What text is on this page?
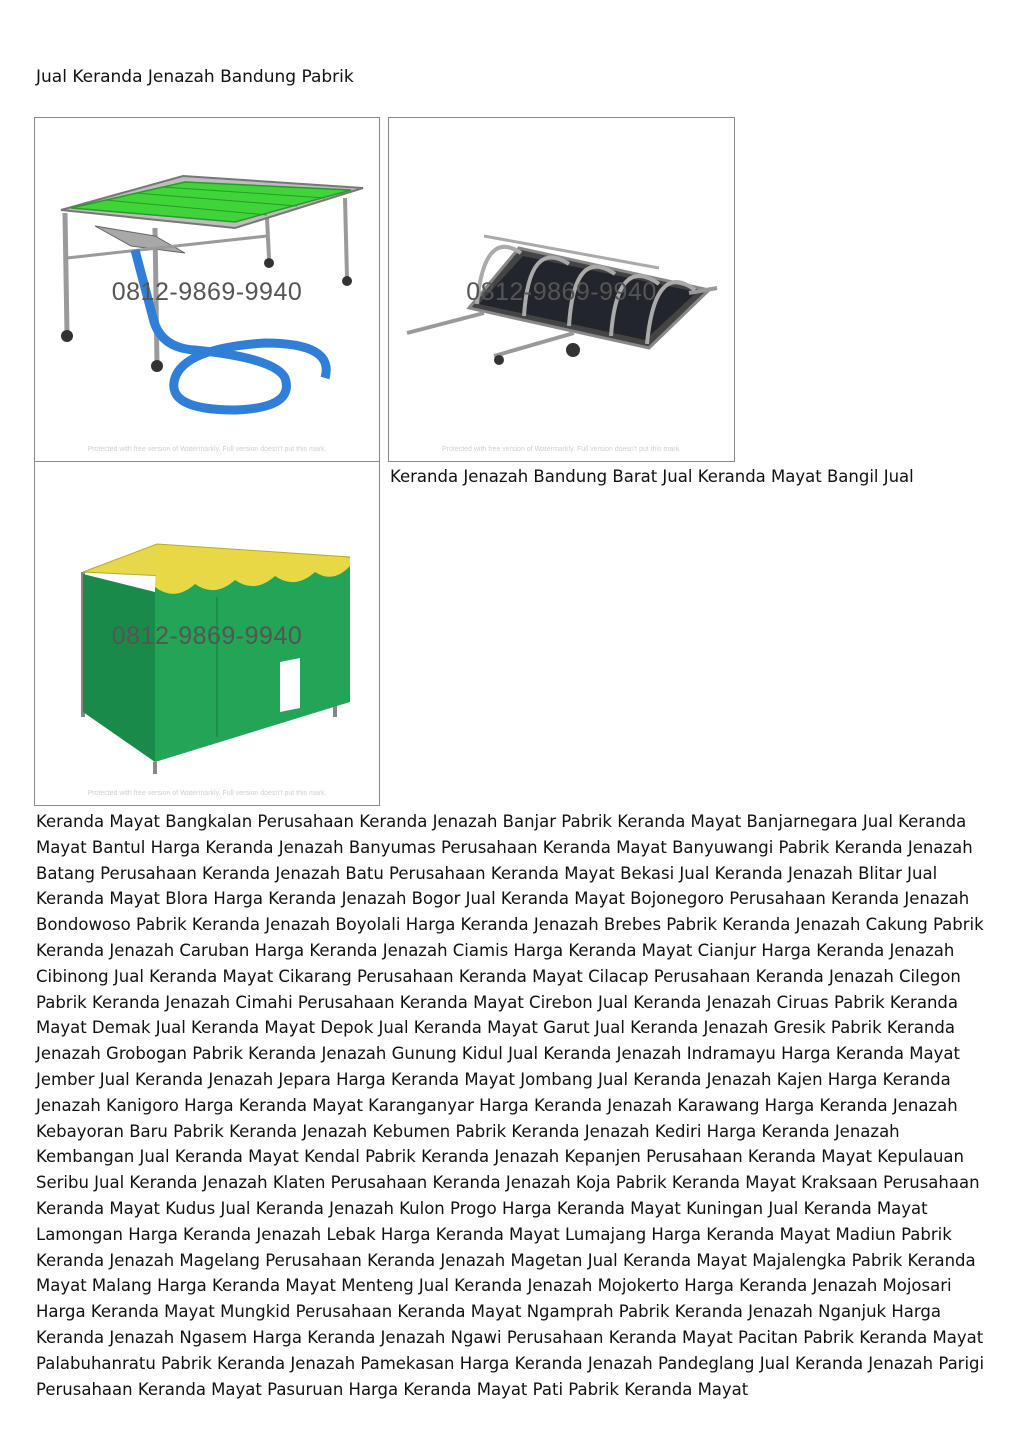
Jual Keranda Jenazah Bandung Pabrik
0812-9869-9940
Protected with free version of Watermarkly. Full version doesn't put this mark.
0812-9869-9940
Protected with free version of Watermarkly. Full version doesn't put this mark.
0812-9869-9940
Protected with free version of Watermarkly. Full version doesn't put this mark.
Keranda Jenazah Bandung Barat Jual Keranda Mayat Bangil Jual
Keranda Mayat Bangkalan Perusahaan Keranda Jenazah Banjar Pabrik Keranda Mayat Banjarnegara Jual Keranda Mayat Bantul Harga Keranda Jenazah Banyumas Perusahaan Keranda Mayat Banyuwangi Pabrik Keranda Jenazah Batang Perusahaan Keranda Jenazah Batu Perusahaan Keranda Mayat Bekasi Jual Keranda Jenazah Blitar Jual Keranda Mayat Blora Harga Keranda Jenazah Bogor Jual Keranda Mayat Bojonegoro Perusahaan Keranda Jenazah Bondowoso Pabrik Keranda Jenazah Boyolali Harga Keranda Jenazah Brebes Pabrik Keranda Jenazah Cakung Pabrik Keranda Jenazah Caruban Harga Keranda Jenazah Ciamis Harga Keranda Mayat Cianjur Harga Keranda Jenazah Cibinong Jual Keranda Mayat Cikarang Perusahaan Keranda Mayat Cilacap Perusahaan Keranda Jenazah Cilegon Pabrik Keranda Jenazah Cimahi Perusahaan Keranda Mayat Cirebon Jual Keranda Jenazah Ciruas Pabrik Keranda Mayat Demak Jual Keranda Mayat Depok Jual Keranda Mayat Garut Jual Keranda Jenazah Gresik Pabrik Keranda Jenazah Grobogan Pabrik Keranda Jenazah Gunung Kidul Jual Keranda Jenazah Indramayu Harga Keranda Mayat Jember Jual Keranda Jenazah Jepara Harga Keranda Mayat Jombang Jual Keranda Jenazah Kajen Harga Keranda Jenazah Kanigoro Harga Keranda Mayat Karanganyar Harga Keranda Jenazah Karawang Harga Keranda Jenazah Kebayoran Baru Pabrik Keranda Jenazah Kebumen Pabrik Keranda Jenazah Kediri Harga Keranda Jenazah Kembangan Jual Keranda Mayat Kendal Pabrik Keranda Jenazah Kepanjen Perusahaan Keranda Mayat Kepulauan Seribu Jual Keranda Jenazah Klaten Perusahaan Keranda Jenazah Koja Pabrik Keranda Mayat Kraksaan Perusahaan Keranda Mayat Kudus Jual Keranda Jenazah Kulon Progo Harga Keranda Mayat Kuningan Jual Keranda Mayat Lamongan Harga Keranda Jenazah Lebak Harga Keranda Mayat Lumajang Harga Keranda Mayat Madiun Pabrik Keranda Jenazah Magelang Perusahaan Keranda Jenazah Magetan Jual Keranda Mayat Majalengka Pabrik Keranda Mayat Malang Harga Keranda Mayat Menteng Jual Keranda Jenazah Mojokerto Harga Keranda Jenazah Mojosari Harga Keranda Mayat Mungkid Perusahaan Keranda Mayat Ngamprah Pabrik Keranda Jenazah Nganjuk Harga Keranda Jenazah Ngasem Harga Keranda Jenazah Ngawi Perusahaan Keranda Mayat Pacitan Pabrik Keranda Mayat Palabuhanratu Pabrik Keranda Jenazah Pamekasan Harga Keranda Jenazah Pandeglang Jual Keranda Jenazah Parigi Perusahaan Keranda Mayat Pasuruan Harga Keranda Mayat Pati Pabrik Keranda Mayat
